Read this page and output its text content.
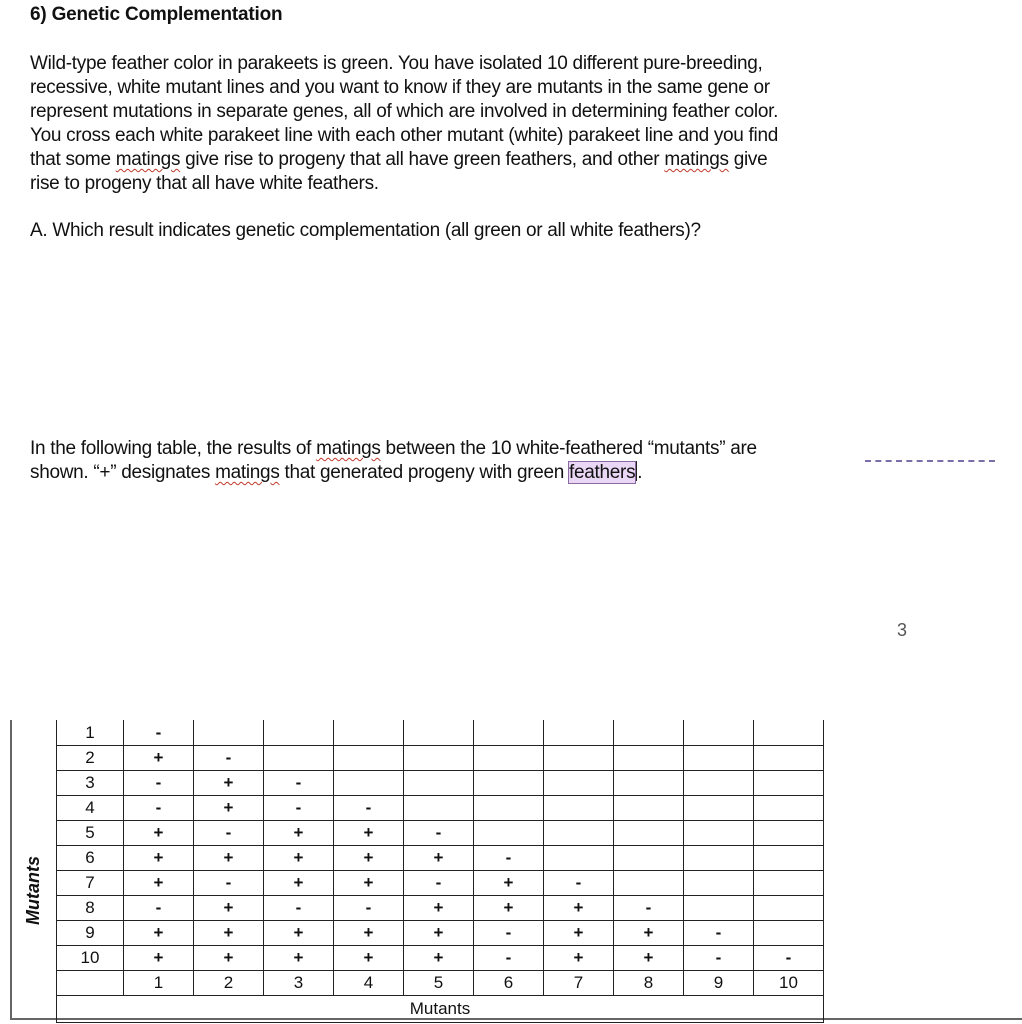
6) Genetic Complementation
Wild-type feather color in parakeets is green. You have isolated 10 different pure-breeding,
recessive, white mutant lines and you want to know if they are mutants in the same gene or
represent mutations in separate genes, all of which are involved in determining feather color.
You cross each white parakeet line with each other mutant (white) parakeet line and you find
that some matings give rise to progeny that all have green feathers, and other matings give
rise to progeny that all have white feathers.
A. Which result indicates genetic complementation (all green or all white feathers)?
In the following table, the results of matings between the 10 white-feathered “mutants” are
shown. “+” designates matings that generated progeny with green feathers .
3
Mutants
1	-									
2	+	-								
3	-	+	-							
4	-	+	-	-						
5	+	-	+	+	-					
6	+	+	+	+	+	-				
7	+	-	+	+	-	+	-			
8	-	+	-	-	+	+	+	-		
9	+	+	+	+	+	-	+	+	-	
10	+	+	+	+	+	-	+	+	-	-
	1	2	3	4	5	6	7	8	9	10
Mutants										
